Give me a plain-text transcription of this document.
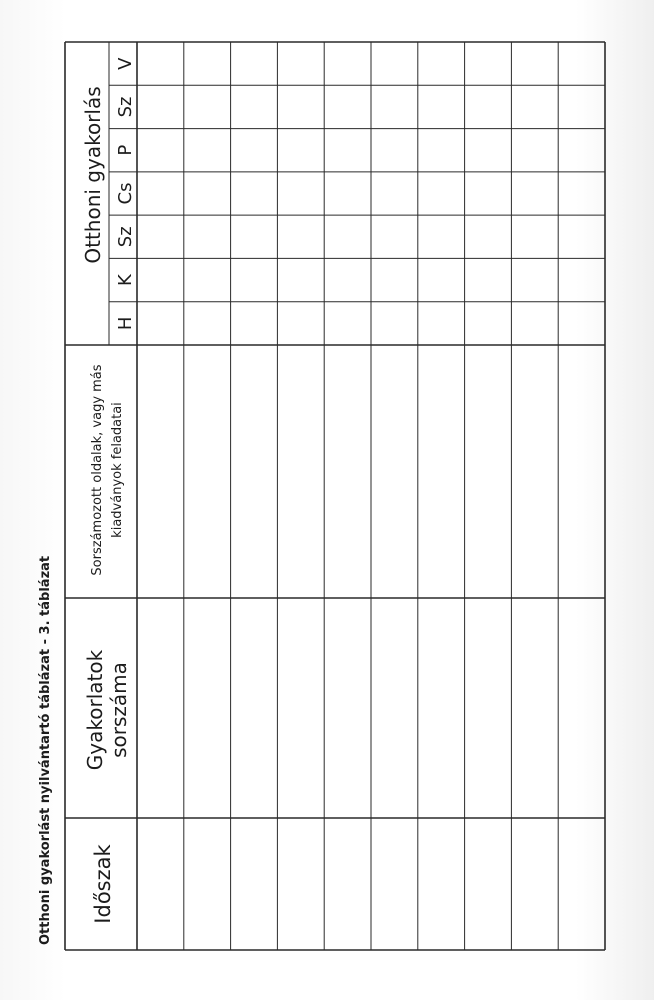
Otthoni gyakorlást nyilvántartó táblázat - 3. táblázat Időszak
Gyakorlatok sorszáma
Sorszámozott oldalak, vagy más kiadványok feladatai
Otthoni gyakorlás
H
K
Sz
Cs
P
Sz
V
